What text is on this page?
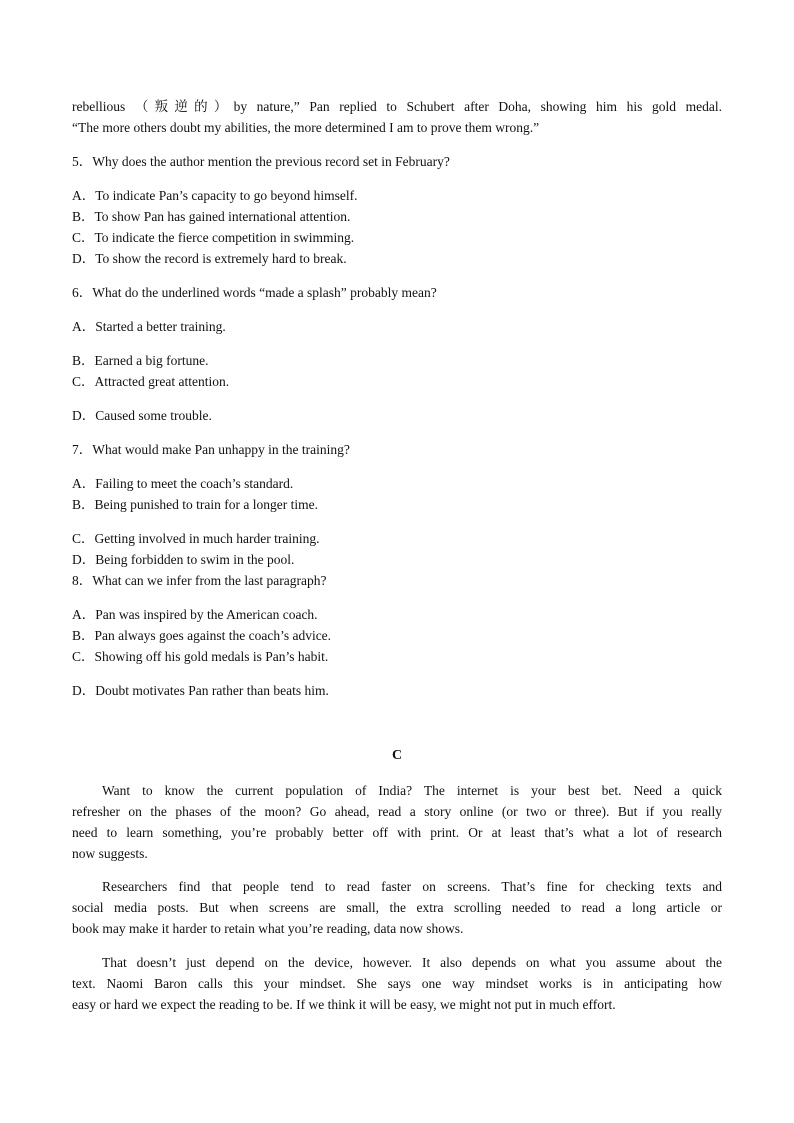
rebellious （叛逆的）by nature,” Pan replied to Schubert after Doha, showing him his gold medal.
“The more others doubt my abilities, the more determined I am to prove them wrong.”
5．Why does the author mention the previous record set in February?
A．To indicate Pan’s capacity to go beyond himself.
B．To show Pan has gained international attention.
C．To indicate the fierce competition in swimming.
D．To show the record is extremely hard to break.
6．What do the underlined words “made a splash” probably mean?
A．Started a better training.
B．Earned a big fortune.
C．Attracted great attention.
D．Caused some trouble.
7．What would make Pan unhappy in the training?
A．Failing to meet the coach’s standard.
B．Being punished to train for a longer time.
C．Getting involved in much harder training.
D．Being forbidden to swim in the pool.
8．What can we infer from the last paragraph?
A．Pan was inspired by the American coach.
B．Pan always goes against the coach’s advice.
C．Showing off his gold medals is Pan’s habit.
D．Doubt motivates Pan rather than beats him.
C
Want to know the current population of India? The internet is your best bet. Need a quick
refresher on the phases of the moon? Go ahead, read a story online (or two or three). But if you really
need to learn something, you’re probably better off with print. Or at least that’s what a lot of research
now suggests.
Researchers find that people tend to read faster on screens. That’s fine for checking texts and
social media posts. But when screens are small, the extra scrolling needed to read a long article or
book may make it harder to retain what you’re reading, data now shows.
That doesn’t just depend on the device, however. It also depends on what you assume about the
text. Naomi Baron calls this your mindset. She says one way mindset works is in anticipating how
easy or hard we expect the reading to be. If we think it will be easy, we might not put in much effort.
